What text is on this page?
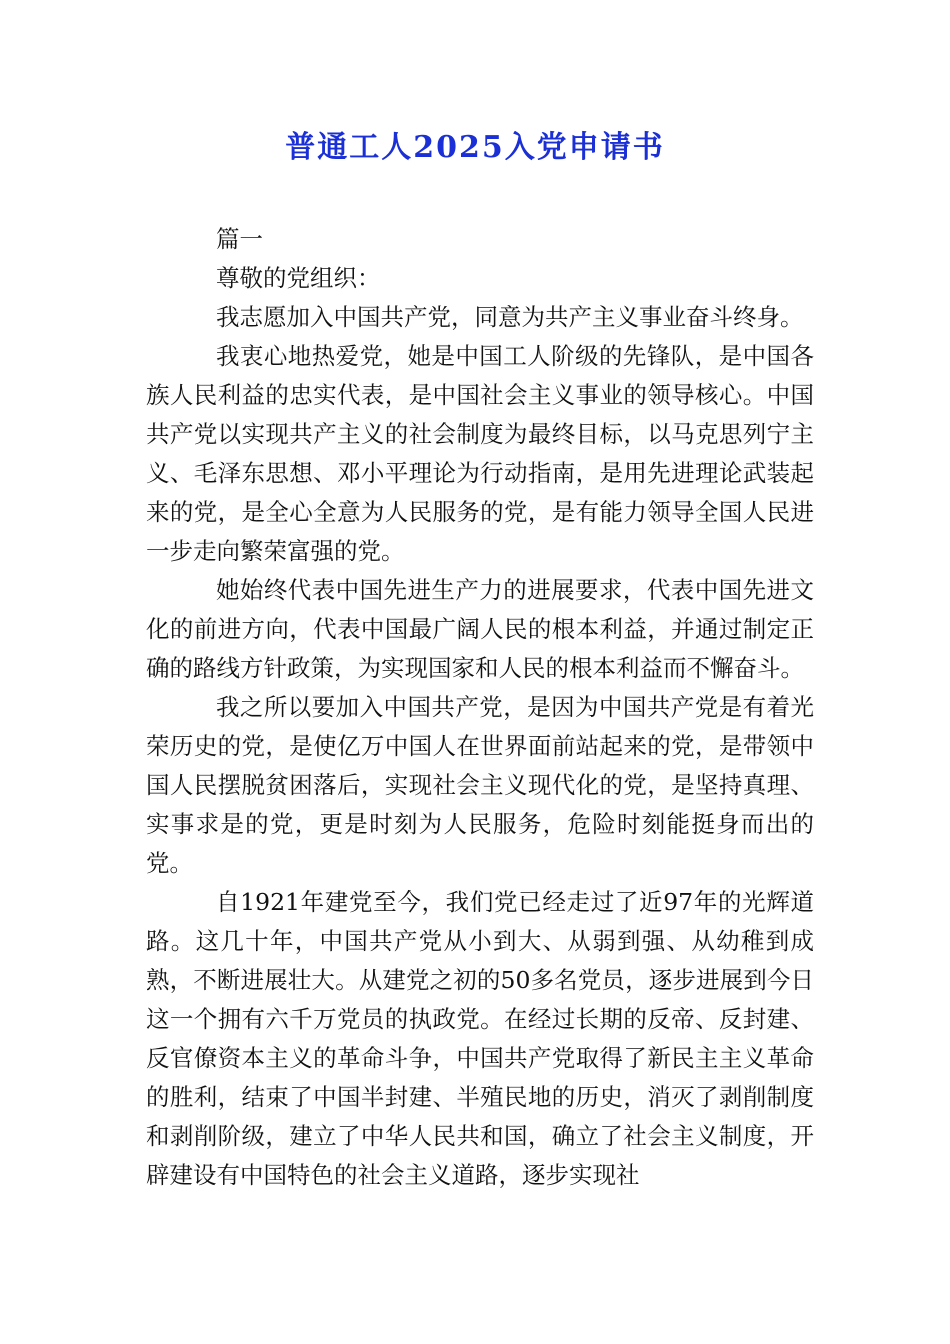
普通工人2025入党申请书

篇一

尊敬的党组织：

我志愿加入中国共产党，同意为共产主义事业奋斗终身。

我衷心地热爱党，她是中国工人阶级的先锋队，是中国各族人民利益的忠实代表，是中国社会主义事业的领导核心。中国共产党以实现共产主义的社会制度为最终目标，以马克思列宁主义、毛泽东思想、邓小平理论为行动指南，是用先进理论武装起来的党，是全心全意为人民服务的党，是有能力领导全国人民进一步走向繁荣富强的党。

她始终代表中国先进生产力的进展要求，代表中国先进文化的前进方向，代表中国最广阔人民的根本利益，并通过制定正确的路线方针政策，为实现国家和人民的根本利益而不懈奋斗。

我之所以要加入中国共产党，是因为中国共产党是有着光荣历史的党，是使亿万中国人在世界面前站起来的党，是带领中国人民摆脱贫困落后，实现社会主义现代化的党，是坚持真理、实事求是的党，更是时刻为人民服务，危险时刻能挺身而出的党。

自1921年建党至今，我们党已经走过了近97年的光辉道路。这几十年，中国共产党从小到大、从弱到强、从幼稚到成熟，不断进展壮大。从建党之初的50多名党员，逐步进展到今日这一个拥有六千万党员的执政党。在经过长期的反帝、反封建、反官僚资本主义的革命斗争，中国共产党取得了新民主主义革命的胜利，结束了中国半封建、半殖民地的历史，消灭了剥削制度和剥削阶级，建立了中华人民共和国，确立了社会主义制度，开辟建设有中国特色的社会主义道路，逐步实现社
